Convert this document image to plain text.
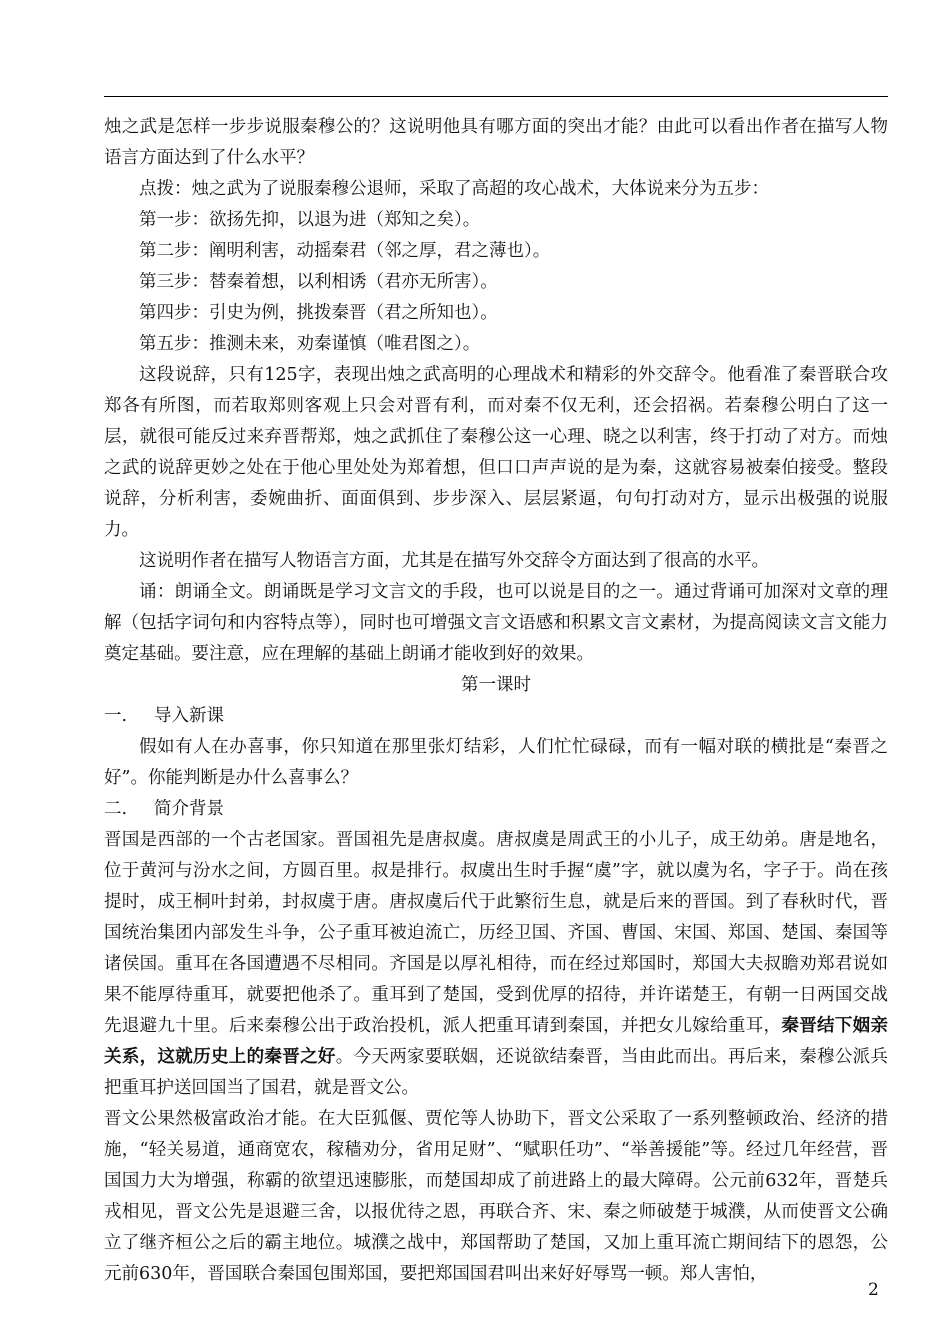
烛之武是怎样一步步说服秦穆公的？这说明他具有哪方面的突出才能？由此可以看出作者在描写人物语言方面达到了什么水平？

点拨：烛之武为了说服秦穆公退师，采取了高超的攻心战术，大体说来分为五步：

第一步：欲扬先抑，以退为进（郑知之矣）。

第二步：阐明利害，动摇秦君（邻之厚，君之薄也）。

第三步：替秦着想，以利相诱（君亦无所害）。

第四步：引史为例，挑拨秦晋（君之所知也）。

第五步：推测未来，劝秦谨慎（唯君图之）。

这段说辞，只有125字，表现出烛之武高明的心理战术和精彩的外交辞令。他看准了秦晋联合攻郑各有所图，而若取郑则客观上只会对晋有利，而对秦不仅无利，还会招祸。若秦穆公明白了这一层，就很可能反过来弃晋帮郑，烛之武抓住了秦穆公这一心理、晓之以利害，终于打动了对方。而烛之武的说辞更妙之处在于他心里处处为郑着想，但口口声声说的是为秦，这就容易被秦伯接受。整段说辞，分析利害，委婉曲折、面面俱到、步步深入、层层紧逼，句句打动对方，显示出极强的说服力。

这说明作者在描写人物语言方面，尤其是在描写外交辞令方面达到了很高的水平。

诵：朗诵全文。朗诵既是学习文言文的手段，也可以说是目的之一。通过背诵可加深对文章的理解（包括字词句和内容特点等），同时也可增强文言文语感和积累文言文素材，为提高阅读文言文能力奠定基础。要注意，应在理解的基础上朗诵才能收到好的效果。

第一课时

一.	导入新课

假如有人在办喜事，你只知道在那里张灯结彩，人们忙忙碌碌，而有一幅对联的横批是“秦晋之好”。你能判断是办什么喜事么？

二.	简介背景

晋国是西部的一个古老国家。晋国祖先是唐叔虞。唐叔虞是周武王的小儿子，成王幼弟。唐是地名，位于黄河与汾水之间，方圆百里。叔是排行。叔虞出生时手握“虞”字，就以虞为名，字子于。尚在孩提时，成王桐叶封弟，封叔虞于唐。唐叔虞后代于此繁衍生息，就是后来的晋国。到了春秋时代，晋国统治集团内部发生斗争，公子重耳被迫流亡，历经卫国、齐国、曹国、宋国、郑国、楚国、秦国等诸侯国。重耳在各国遭遇不尽相同。齐国是以厚礼相待，而在经过郑国时，郑国大夫叔瞻劝郑君说如果不能厚待重耳，就要把他杀了。重耳到了楚国，受到优厚的招待，并许诺楚王，有朝一日两国交战先退避九十里。后来秦穆公出于政治投机，派人把重耳请到秦国，并把女儿嫁给重耳，秦晋结下姻亲关系，这就历史上的秦晋之好。今天两家要联姻，还说欲结秦晋，当由此而出。再后来，秦穆公派兵把重耳护送回国当了国君，就是晋文公。

晋文公果然极富政治才能。在大臣狐偃、贾佗等人协助下，晋文公采取了一系列整顿政治、经济的措施，“轻关易道，通商宽农，稼穑劝分，省用足财”、“赋职任功”、“举善援能”等。经过几年经营，晋国国力大为增强，称霸的欲望迅速膨胀，而楚国却成了前进路上的最大障碍。公元前632年，晋楚兵戎相见，晋文公先是退避三舍，以报优待之恩，再联合齐、宋、秦之师破楚于城濮，从而使晋文公确立了继齐桓公之后的霸主地位。城濮之战中，郑国帮助了楚国，又加上重耳流亡期间结下的恩怨，公元前630年，晋国联合秦国包围郑国，要把郑国国君叫出来好好辱骂一顿。郑人害怕，

2
